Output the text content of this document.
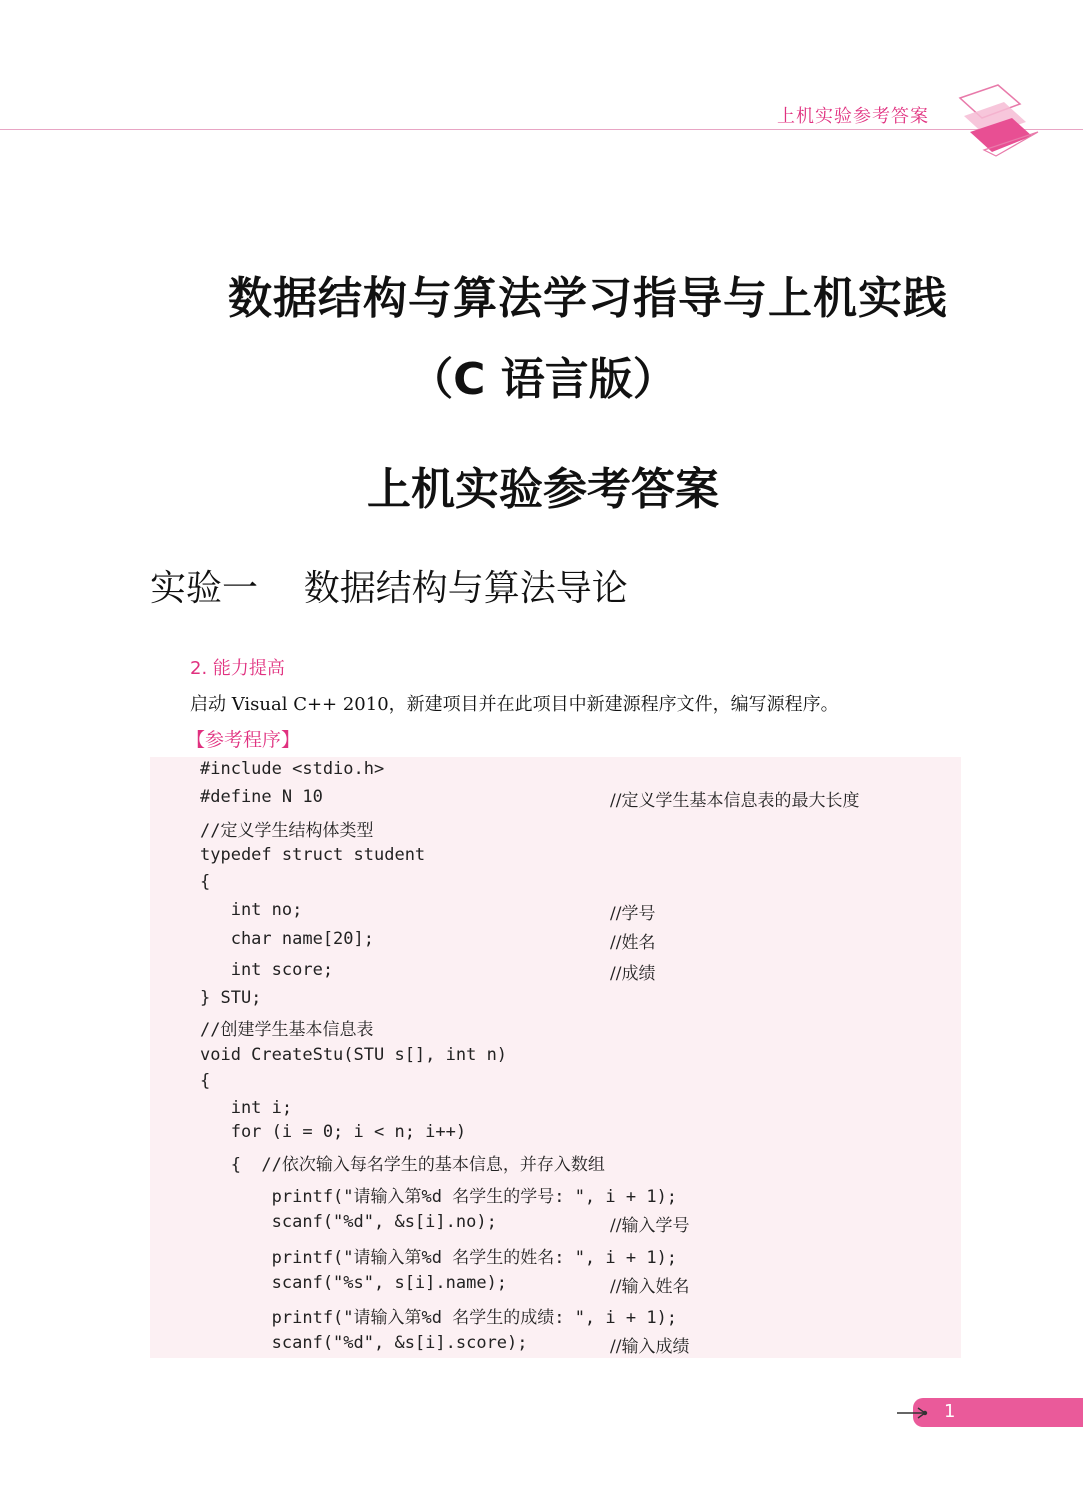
上机实验参考答案
数据结构与算法学习指导与上机实践
（C 语言版）
上机实验参考答案
实验一    数据结构与算法导论
2. 能力提高
启动 Visual C++ 2010，新建项目并在此项目中新建源程序文件，编写源程序。
【参考程序】
#include <stdio.h>
#define N 10	//定义学生基本信息表的最大长度
//定义学生结构体类型
typedef struct student
{
int no;	//学号
char name[20];	//姓名
int score;	//成绩
} STU;
//创建学生基本信息表
void CreateStu(STU s[], int n)
{
int i;
for (i = 0; i < n; i++)
{  //依次输入每名学生的基本信息，并存入数组
printf("请输入第%d 名学生的学号: ", i + 1);
scanf("%d", &s[i].no);	//输入学号
printf("请输入第%d 名学生的姓名: ", i + 1);
scanf("%s", s[i].name);	//输入姓名
printf("请输入第%d 名学生的成绩: ", i + 1);
scanf("%d", &s[i].score);	//输入成绩
1
